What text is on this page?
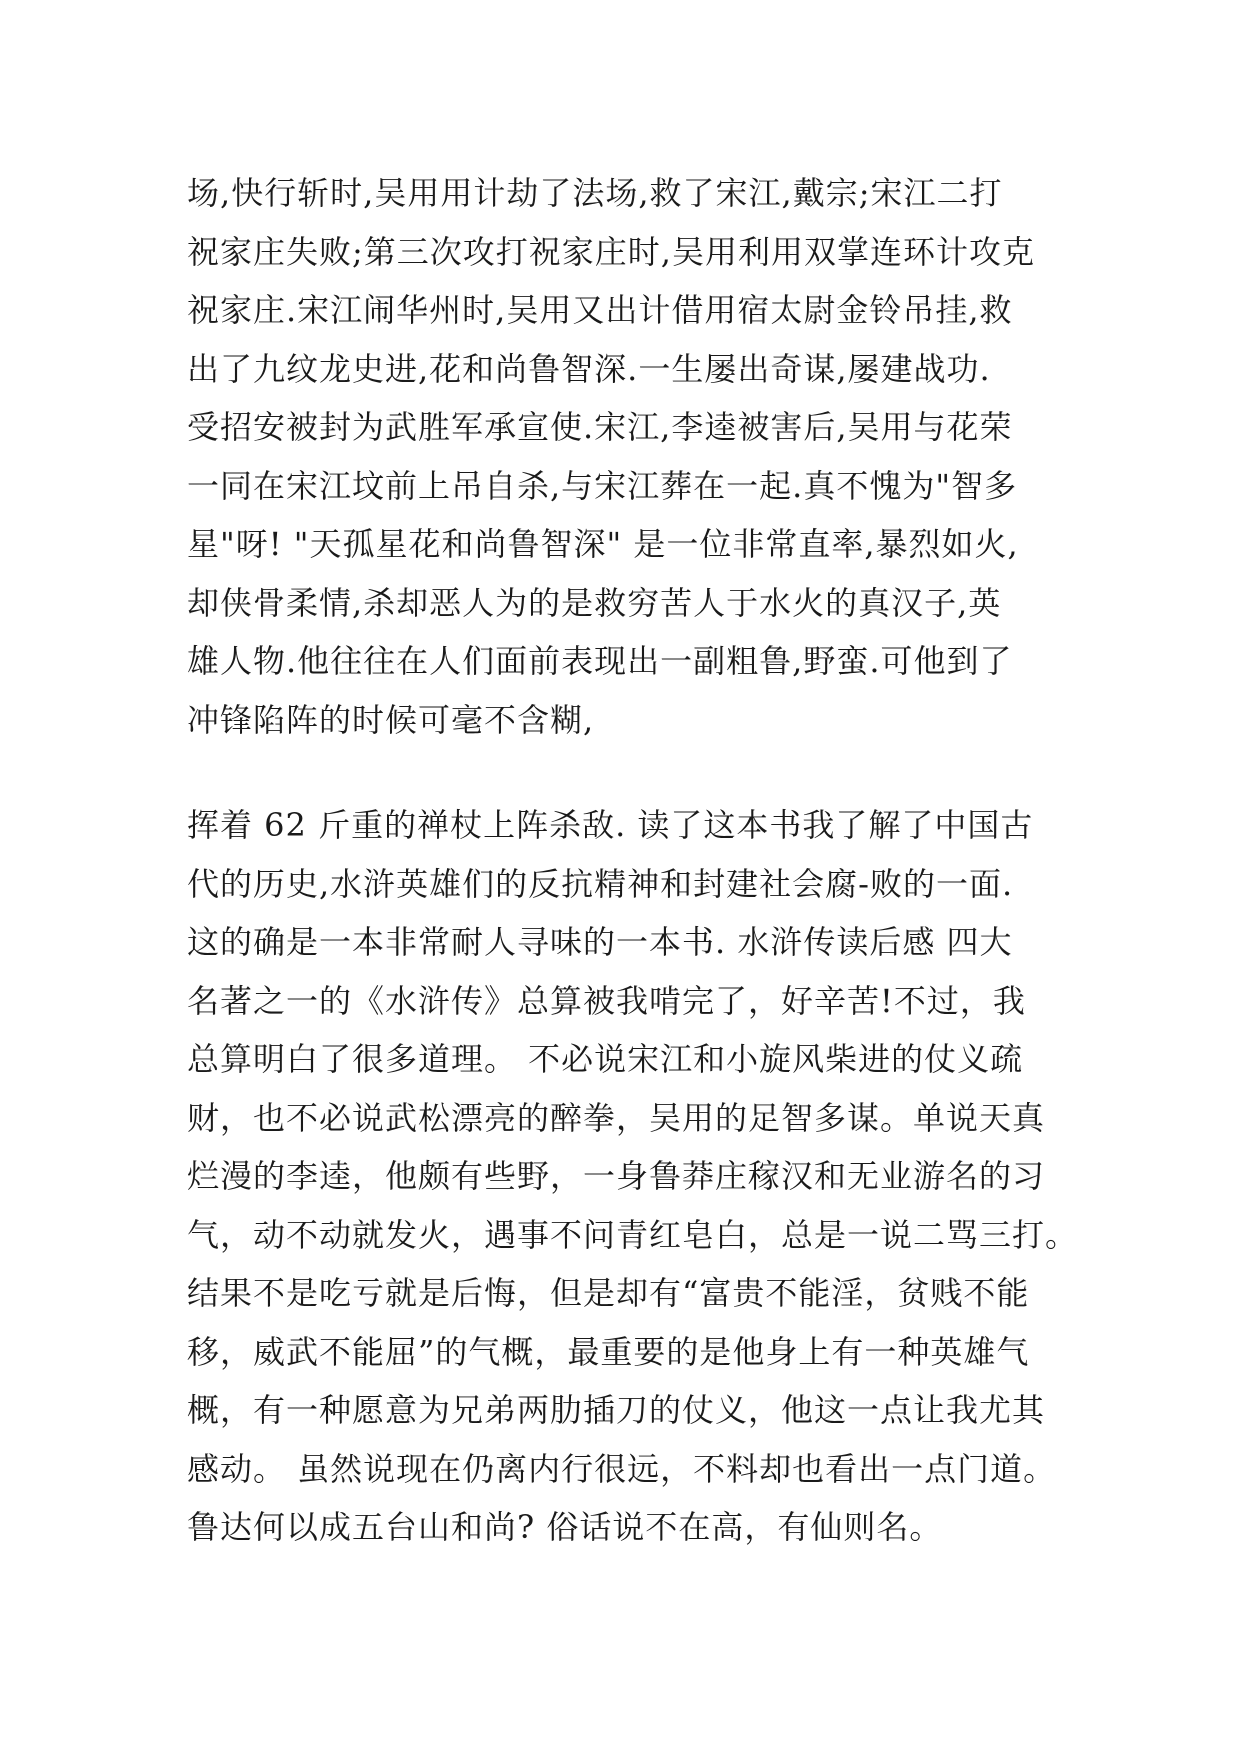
场,快行斩时,吴用用计劫了法场,救了宋江,戴宗;宋江二打
祝家庄失败;第三次攻打祝家庄时,吴用利用双掌连环计攻克
祝家庄.宋江闹华州时,吴用又出计借用宿太尉金铃吊挂,救
出了九纹龙史进,花和尚鲁智深.一生屡出奇谋,屡建战功.
受招安被封为武胜军承宣使.宋江,李逵被害后,吴用与花荣
一同在宋江坟前上吊自杀,与宋江葬在一起.真不愧为"智多
星"呀! "天孤星花和尚鲁智深" 是一位非常直率,暴烈如火,
却侠骨柔情,杀却恶人为的是救穷苦人于水火的真汉子,英
雄人物.他往往在人们面前表现出一副粗鲁,野蛮.可他到了
冲锋陷阵的时候可毫不含糊,
挥着 62 斤重的禅杖上阵杀敌. 读了这本书我了解了中国古
代的历史,水浒英雄们的反抗精神和封建社会腐-败的一面.
这的确是一本非常耐人寻味的一本书. 水浒传读后感 四大
名著之一的《水浒传》总算被我啃完了，好辛苦!不过，我
总算明白了很多道理。 不必说宋江和小旋风柴进的仗义疏
财，也不必说武松漂亮的醉拳，吴用的足智多谋。单说天真
烂漫的李逵，他颇有些野，一身鲁莽庄稼汉和无业游名的习
气，动不动就发火，遇事不问青红皂白，总是一说二骂三打。
结果不是吃亏就是后悔，但是却有“富贵不能淫，贫贱不能
移，威武不能屈”的气概，最重要的是他身上有一种英雄气
概，有一种愿意为兄弟两肋插刀的仗义，他这一点让我尤其
感动。 虽然说现在仍离内行很远，不料却也看出一点门道。
鲁达何以成五台山和尚? 俗话说不在高，有仙则名。
